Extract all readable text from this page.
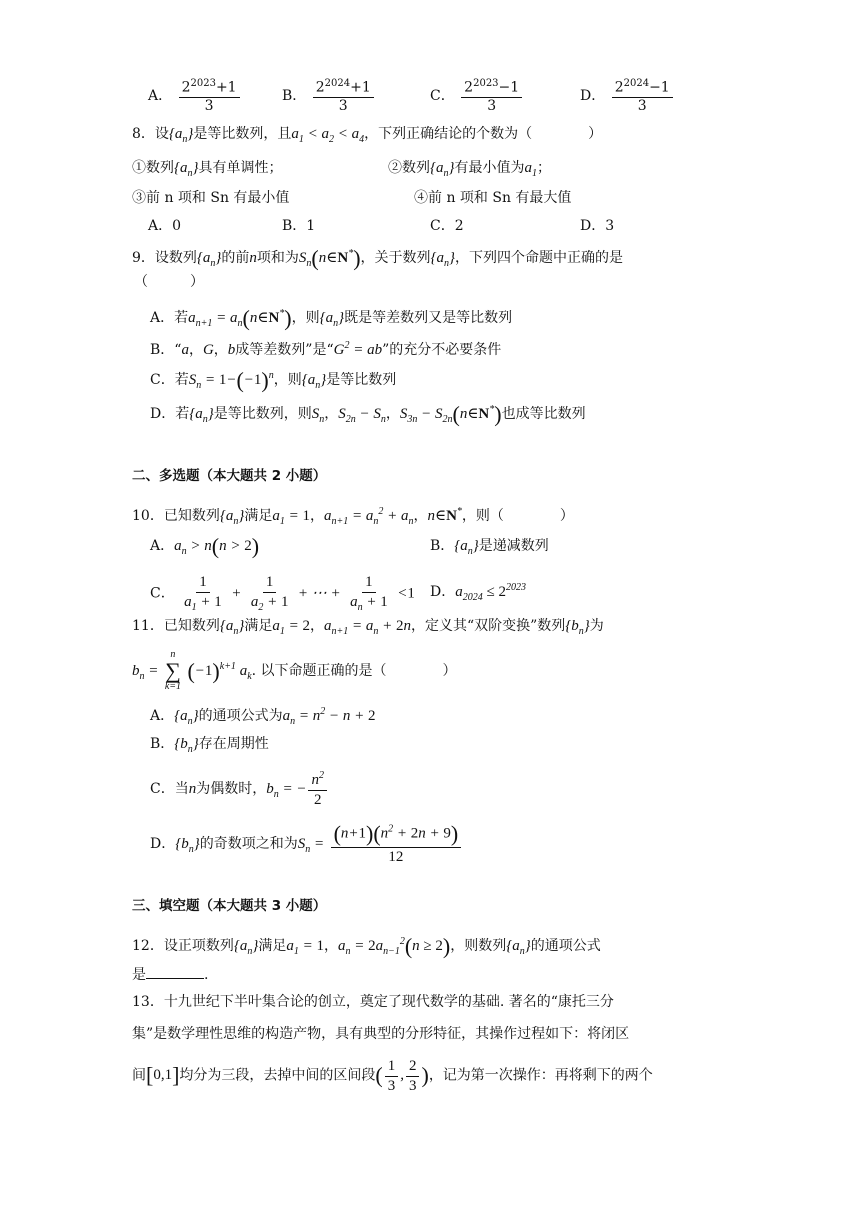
A． $\frac{2^{2023}+1}{3}$	B． $\frac{2^{2024}+1}{3}$	C． $\frac{2^{2023}-1}{3}$	D． $\frac{2^{2024}-1}{3}$
8．设$\{a_n\}$是等比数列，且$a_1 < a_2 < a_4$，下列正确结论的个数为（　　　　）
①数列$\{a_n\}$具有单调性；	②数列$\{a_n\}$有最小值为$a_1$；
③前 n 项和 Sn 有最小值	④前 n 项和 Sn 有最大值
A．0	B．1	C．2	D．3
9．设数列$\{a_n\}$的前n项和为$S_n(n\in N^*)$，关于数列$\{a_n\}$，下列四个命题中正确的是
（　　　）
A．若$a_{n+1}$ = $a_n(n\in N^*)$，则$\{a_n\}$既是等差数列又是等比数列
B．“a，G，b成等差数列”是“$G^2$ = ab”的充分不必要条件
C．若$S_n = 1-(-1)^n$，则$\{a_n\}$是等比数列
D．若$\{a_n\}$是等比数列，则$S_n$，$S_{2n} - S_n$，$S_{3n}$ − $S_{2n}(n\in N^*)$也成等比数列
二、多选题（本大题共 2 小题）
10．已知数列$\{a_n\}$满足$a_1 = 1$，$a_{n+1} = a_n^2 + a_n$，n∈N*，则（　　　　）
A．$a_n > n(n > 2)$	B．$\{a_n\}$是递减数列
C． $\frac{1}{a_1 + 1} + \frac{1}{a_2 + 1}$ + ⋯ + $\frac{1}{a_n + 1} <1$ D．$a_{2024} \le 2^{2023}$
11．已知数列$\{a_n\}$满足$a_1 = 2$，$a_{n+1} = a_n + 2n$，定义其“双阶变换”数列$\{b_n\}$为
$b_n$ =
n
∑
k=1
$(-1)^{k+1}$ $a_k$. 以下命题正确的是（　　　　）
A．$\{a_n\}$的通项公式为$a_n = n^2 - n + 2$
B．$\{b_n\}$存在周期性
C．当n为偶数时，$b_n$ = − $\frac{n^2}{2}$
D．$\{b_n\}$的奇数项之和为$S_n = \frac{(n+1)(n^2 + 2n + 9)}{12}$
三、填空题（本大题共 3 小题）
12．设正项数列$\{a_n\}$满足$a_1 = 1$，$a_n = 2a_{n-1}^2(n \ge 2)$，则数列$\{a_n\}$的通项公式
是	.
13．十九世纪下半叶集合论的创立，奠定了现代数学的基础. 著名的“康托三分
集”是数学理性思维的构造产物，具有典型的分形特征，其操作过程如下：将闭区
间[0,1]均分为三段，去掉中间的区间段( $\frac{1}{3}$ , $\frac{2}{3}$ )，记为第一次操作：再将剩下的两个
